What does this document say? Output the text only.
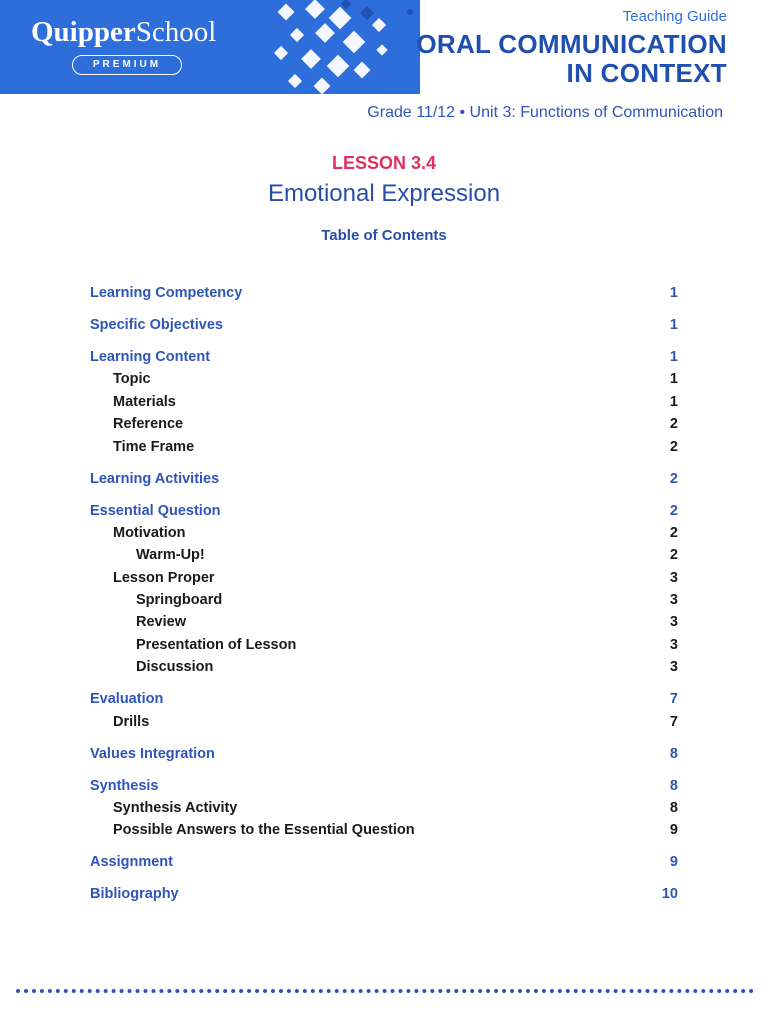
QuipperSchool
PREMIUM
Teaching Guide
ORAL COMMUNICATION
IN CONTEXT
Grade 11/12 • Unit 3: Functions of Communication
LESSON 3.4
Emotional Expression
Table of Contents
Learning Competency	1
Specific Objectives	1
Learning Content	1
Topic	1
Materials	1
Reference	2
Time Frame	2
Learning Activities	2
Essential Question	2
Motivation	2
Warm-Up!	2
Lesson Proper	3
Springboard	3
Review	3
Presentation of Lesson	3
Discussion	3
Evaluation	7
Drills	7
Values Integration	8
Synthesis	8
Synthesis Activity	8
Possible Answers to the Essential Question	9
Assignment	9
Bibliography	10
